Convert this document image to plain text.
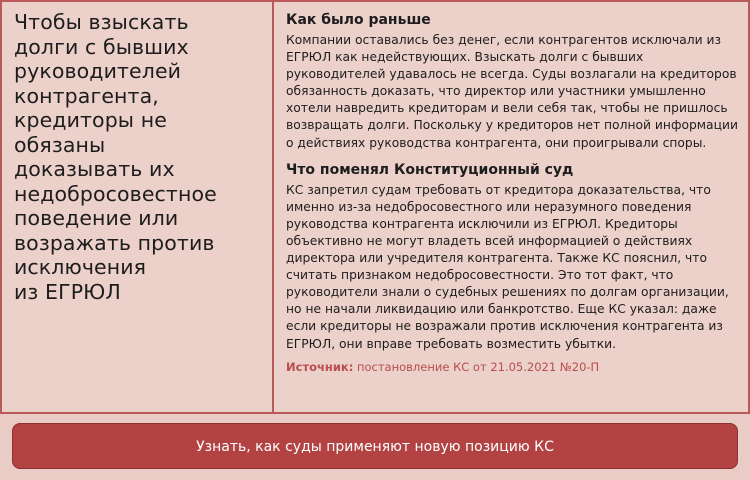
Чтобы взыскать
долги с бывших
руководителей
контрагента,
кредиторы не обязаны
доказывать их
недобросовестное
поведение или
возражать против
исключения
из ЕГРЮЛ

Как было раньше

Компании оставались без денег, если контрагентов исключали из ЕГРЮЛ как недействующих. Взыскать долги с бывших руководителей удавалось не всегда. Суды возлагали на кредиторов обязанность доказать, что директор или участники умышленно хотели навредить кредиторам и вели себя так, чтобы не пришлось возвращать долги. Поскольку у кредиторов нет полной информации о действиях руководства контрагента, они проигрывали споры.

Что поменял Конституционный суд

КС запретил судам требовать от кредитора доказательства, что именно из-за недобросовестного или неразумного поведения руководства контрагента исключили из ЕГРЮЛ. Кредиторы объективно не могут владеть всей информацией о действиях директора или учредителя контрагента. Также КС пояснил, что считать признаком недобросовестности. Это тот факт, что руководители знали о судебных решениях по долгам организации, но не начали ликвидацию или банкротство. Еще КС указал: даже если кредиторы не возражали против исключения контрагента из ЕГРЮЛ, они вправе требовать возместить убытки.

Источник: постановление КС от 21.05.2021 №20-П
Узнать, как суды применяют новую позицию КС
